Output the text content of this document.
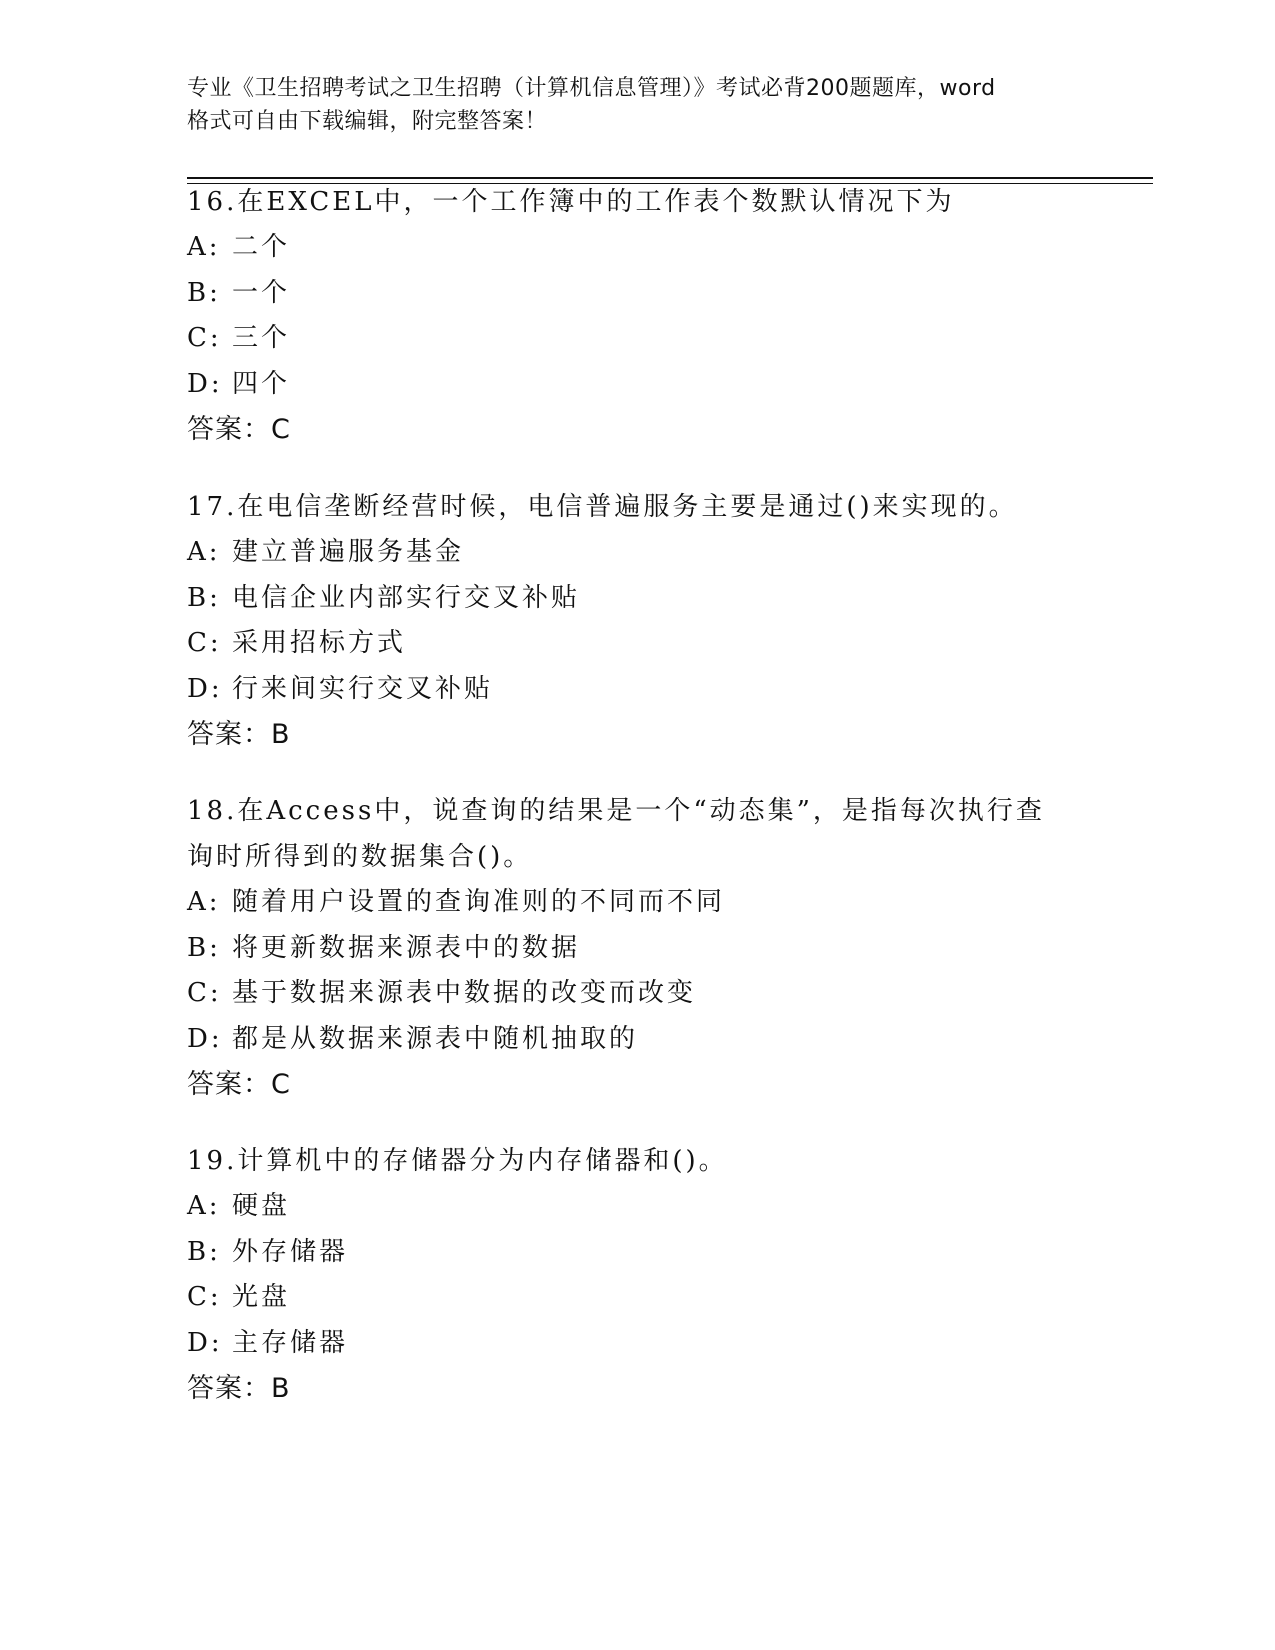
专业《卫生招聘考试之卫生招聘（计算机信息管理）》考试必背200题题库，word
格式可自由下载编辑，附完整答案！

16.在EXCEL中，一个工作簿中的工作表个数默认情况下为

A: 二个

B: 一个

C: 三个

D: 四个

答案：C

17.在电信垄断经营时候，电信普遍服务主要是通过()来实现的。

A: 建立普遍服务基金

B: 电信企业内部实行交叉补贴

C: 采用招标方式

D: 行来间实行交叉补贴

答案：B

18.在Access中，说查询的结果是一个“动态集”，是指每次执行查

询时所得到的数据集合()。

A: 随着用户设置的查询准则的不同而不同

B: 将更新数据来源表中的数据

C: 基于数据来源表中数据的改变而改变

D: 都是从数据来源表中随机抽取的

答案：C

19.计算机中的存储器分为内存储器和()。

A: 硬盘

B: 外存储器

C: 光盘

D: 主存储器

答案：B
